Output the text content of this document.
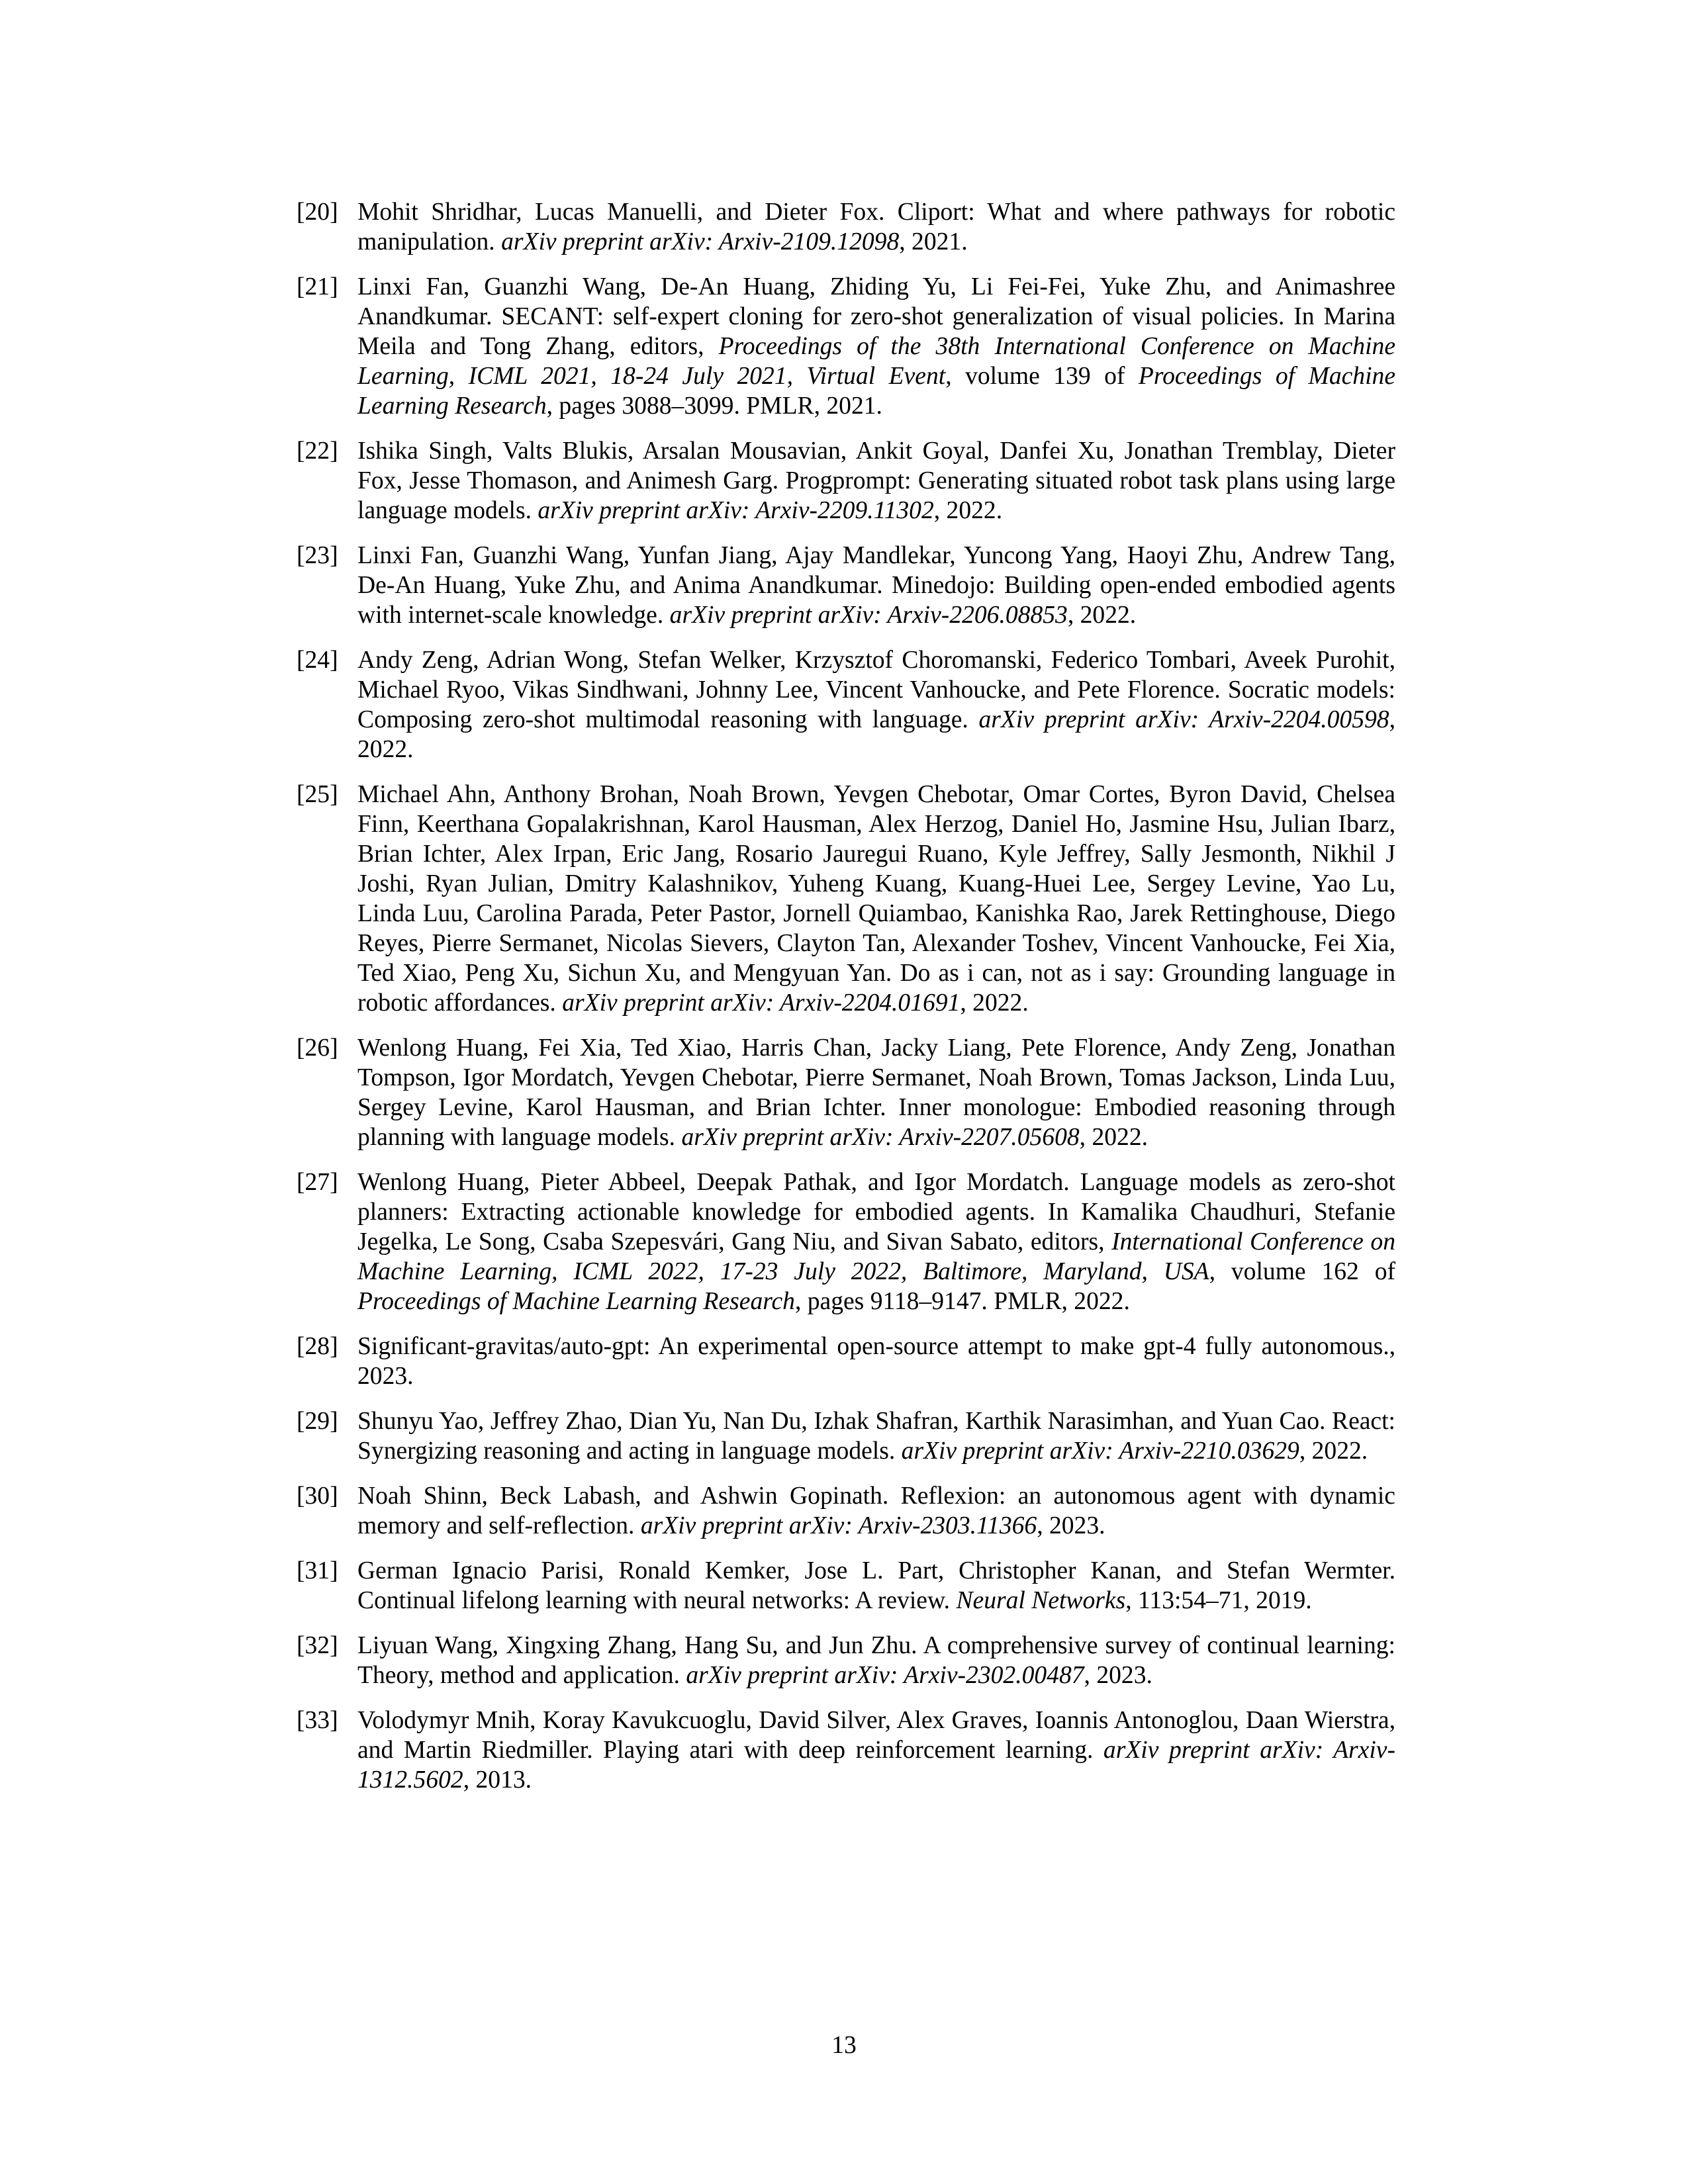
[20] Mohit Shridhar, Lucas Manuelli, and Dieter Fox. Cliport: What and where pathways for robotic manipulation. arXiv preprint arXiv: Arxiv-2109.12098, 2021.
[21] Linxi Fan, Guanzhi Wang, De-An Huang, Zhiding Yu, Li Fei-Fei, Yuke Zhu, and Animashree Anandkumar. SECANT: self-expert cloning for zero-shot generalization of visual policies. In Marina Meila and Tong Zhang, editors, Proceedings of the 38th International Conference on Machine Learning, ICML 2021, 18-24 July 2021, Virtual Event, volume 139 of Proceedings of Machine Learning Research, pages 3088–3099. PMLR, 2021.
[22] Ishika Singh, Valts Blukis, Arsalan Mousavian, Ankit Goyal, Danfei Xu, Jonathan Tremblay, Dieter Fox, Jesse Thomason, and Animesh Garg. Progprompt: Generating situated robot task plans using large language models. arXiv preprint arXiv: Arxiv-2209.11302, 2022.
[23] Linxi Fan, Guanzhi Wang, Yunfan Jiang, Ajay Mandlekar, Yuncong Yang, Haoyi Zhu, Andrew Tang, De-An Huang, Yuke Zhu, and Anima Anandkumar. Minedojo: Building open-ended embodied agents with internet-scale knowledge. arXiv preprint arXiv: Arxiv-2206.08853, 2022.
[24] Andy Zeng, Adrian Wong, Stefan Welker, Krzysztof Choromanski, Federico Tombari, Aveek Purohit, Michael Ryoo, Vikas Sindhwani, Johnny Lee, Vincent Vanhoucke, and Pete Florence. Socratic models: Composing zero-shot multimodal reasoning with language. arXiv preprint arXiv: Arxiv-2204.00598, 2022.
[25] Michael Ahn, Anthony Brohan, Noah Brown, Yevgen Chebotar, Omar Cortes, Byron David, Chelsea Finn, Keerthana Gopalakrishnan, Karol Hausman, Alex Herzog, Daniel Ho, Jasmine Hsu, Julian Ibarz, Brian Ichter, Alex Irpan, Eric Jang, Rosario Jauregui Ruano, Kyle Jeffrey, Sally Jesmonth, Nikhil J Joshi, Ryan Julian, Dmitry Kalashnikov, Yuheng Kuang, Kuang-Huei Lee, Sergey Levine, Yao Lu, Linda Luu, Carolina Parada, Peter Pastor, Jornell Quiambao, Kanishka Rao, Jarek Rettinghouse, Diego Reyes, Pierre Sermanet, Nicolas Sievers, Clayton Tan, Alexander Toshev, Vincent Vanhoucke, Fei Xia, Ted Xiao, Peng Xu, Sichun Xu, and Mengyuan Yan. Do as i can, not as i say: Grounding language in robotic affordances. arXiv preprint arXiv: Arxiv-2204.01691, 2022.
[26] Wenlong Huang, Fei Xia, Ted Xiao, Harris Chan, Jacky Liang, Pete Florence, Andy Zeng, Jonathan Tompson, Igor Mordatch, Yevgen Chebotar, Pierre Sermanet, Noah Brown, Tomas Jackson, Linda Luu, Sergey Levine, Karol Hausman, and Brian Ichter. Inner monologue: Embodied reasoning through planning with language models. arXiv preprint arXiv: Arxiv-2207.05608, 2022.
[27] Wenlong Huang, Pieter Abbeel, Deepak Pathak, and Igor Mordatch. Language models as zero-shot planners: Extracting actionable knowledge for embodied agents. In Kamalika Chaudhuri, Stefanie Jegelka, Le Song, Csaba Szepesvári, Gang Niu, and Sivan Sabato, editors, International Conference on Machine Learning, ICML 2022, 17-23 July 2022, Baltimore, Maryland, USA, volume 162 of Proceedings of Machine Learning Research, pages 9118–9147. PMLR, 2022.
[28] Significant-gravitas/auto-gpt: An experimental open-source attempt to make gpt-4 fully autonomous., 2023.
[29] Shunyu Yao, Jeffrey Zhao, Dian Yu, Nan Du, Izhak Shafran, Karthik Narasimhan, and Yuan Cao. React: Synergizing reasoning and acting in language models. arXiv preprint arXiv: Arxiv-2210.03629, 2022.
[30] Noah Shinn, Beck Labash, and Ashwin Gopinath. Reflexion: an autonomous agent with dynamic memory and self-reflection. arXiv preprint arXiv: Arxiv-2303.11366, 2023.
[31] German Ignacio Parisi, Ronald Kemker, Jose L. Part, Christopher Kanan, and Stefan Wermter. Continual lifelong learning with neural networks: A review. Neural Networks, 113:54–71, 2019.
[32] Liyuan Wang, Xingxing Zhang, Hang Su, and Jun Zhu. A comprehensive survey of continual learning: Theory, method and application. arXiv preprint arXiv: Arxiv-2302.00487, 2023.
[33] Volodymyr Mnih, Koray Kavukcuoglu, David Silver, Alex Graves, Ioannis Antonoglou, Daan Wierstra, and Martin Riedmiller. Playing atari with deep reinforcement learning. arXiv preprint arXiv: Arxiv-1312.5602, 2013.
13
